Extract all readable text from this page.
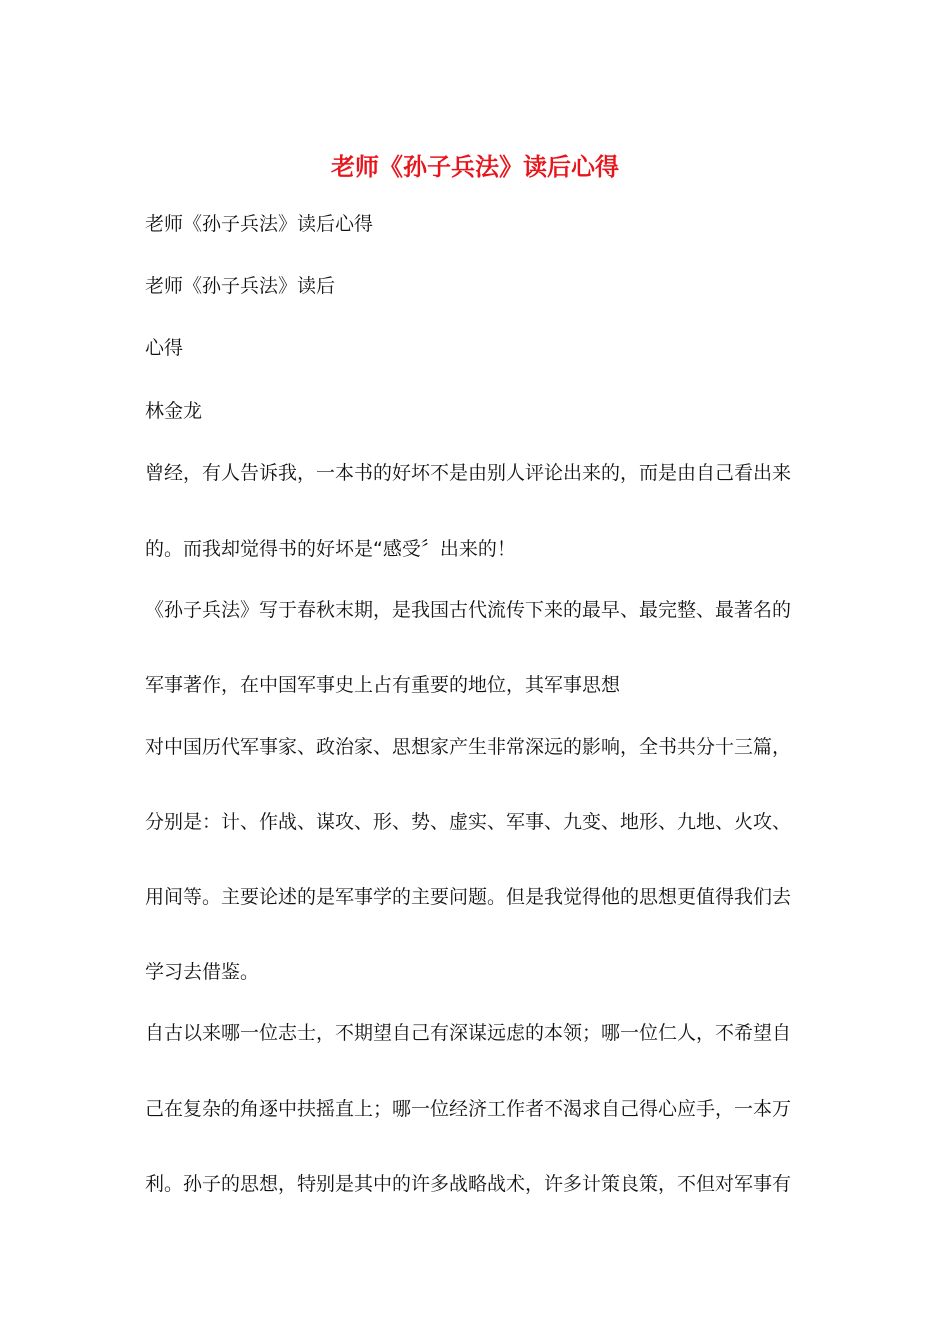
老师《孙子兵法》读后心得
老师《孙子兵法》读后心得
老师《孙子兵法》读后
心得
林金龙
曾经，有人告诉我，一本书的好坏不是由别人评论出来的，而是由自己看出来
的。而我却觉得书的好坏是“感受〞出来的！
《孙子兵法》写于春秋末期，是我国古代流传下来的最早、最完整、最著名的
军事著作，在中国军事史上占有重要的地位，其军事思想
对中国历代军事家、政治家、思想家产生非常深远的影响，全书共分十三篇，
分别是：计、作战、谋攻、形、势、虚实、军事、九变、地形、九地、火攻、
用间等。主要论述的是军事学的主要问题。但是我觉得他的思想更值得我们去
学习去借鉴。
自古以来哪一位志士，不期望自己有深谋远虑的本领；哪一位仁人，不希望自
己在复杂的角逐中扶摇直上；哪一位经济工作者不渴求自己得心应手，一本万
利。孙子的思想，特别是其中的许多战略战术，许多计策良策，不但对军事有
